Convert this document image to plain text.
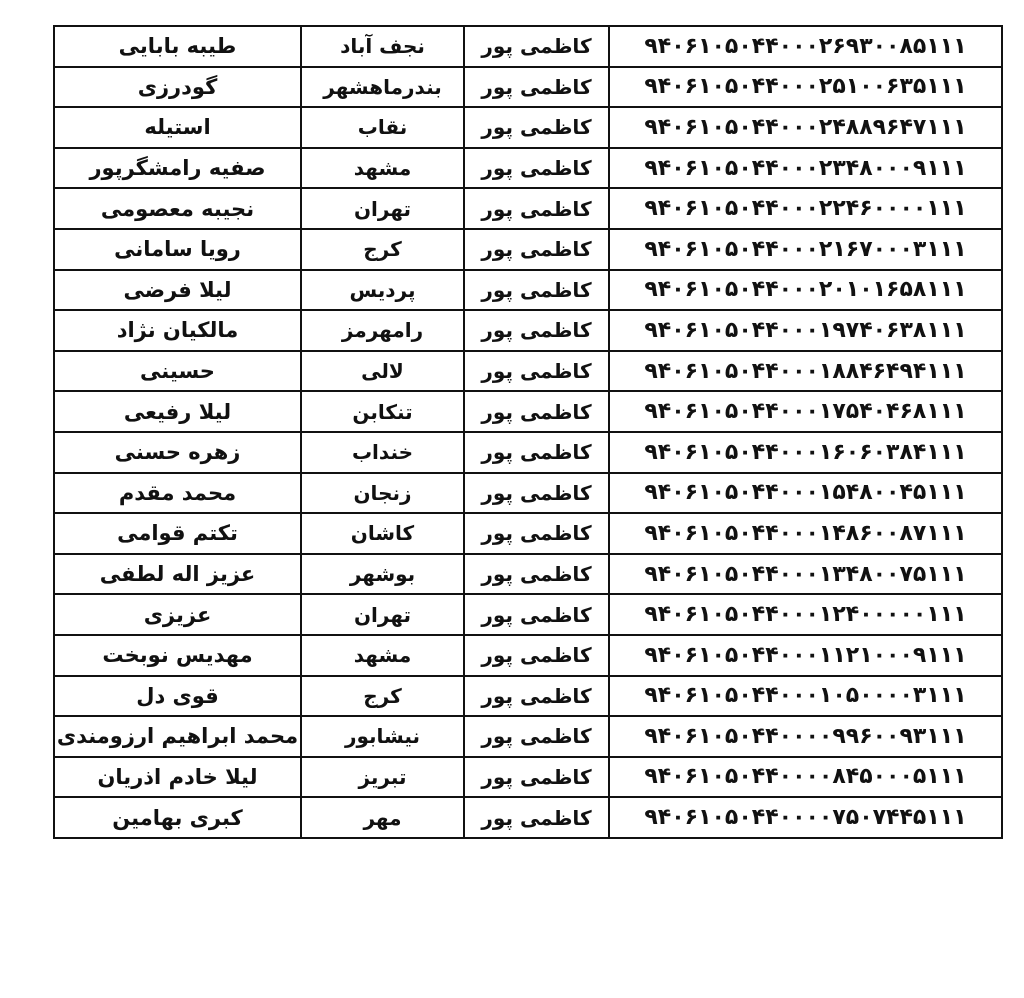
طیبه بابایی	نجف آباد	کاظمی پور	۹۴۰۶۱۰۵۰۴۴۰۰۰۲۶۹۳۰۰۸۵۱۱۱
گودرزی	بندرماهشهر	کاظمی پور	۹۴۰۶۱۰۵۰۴۴۰۰۰۲۵۱۰۰۶۳۵۱۱۱
استیله	نقاب	کاظمی پور	۹۴۰۶۱۰۵۰۴۴۰۰۰۲۴۸۸۹۶۴۷۱۱۱
صفیه رامشگرپور	مشهد	کاظمی پور	۹۴۰۶۱۰۵۰۴۴۰۰۰۲۳۴۸۰۰۰۹۱۱۱
نجیبه معصومی	تهران	کاظمی پور	۹۴۰۶۱۰۵۰۴۴۰۰۰۲۲۴۶۰۰۰۰۱۱۱
رویا سامانی	کرج	کاظمی پور	۹۴۰۶۱۰۵۰۴۴۰۰۰۲۱۶۷۰۰۰۳۱۱۱
لیلا فرضی	پردیس	کاظمی پور	۹۴۰۶۱۰۵۰۴۴۰۰۰۲۰۱۰۱۶۵۸۱۱۱
مالکیان نژاد	رامهرمز	کاظمی پور	۹۴۰۶۱۰۵۰۴۴۰۰۰۱۹۷۴۰۶۳۸۱۱۱
حسینی	لالی	کاظمی پور	۹۴۰۶۱۰۵۰۴۴۰۰۰۱۸۸۴۶۴۹۴۱۱۱
لیلا رفیعی	تنکابن	کاظمی پور	۹۴۰۶۱۰۵۰۴۴۰۰۰۱۷۵۴۰۴۶۸۱۱۱
زهره حسنی	خنداب	کاظمی پور	۹۴۰۶۱۰۵۰۴۴۰۰۰۱۶۰۶۰۳۸۴۱۱۱
محمد مقدم	زنجان	کاظمی پور	۹۴۰۶۱۰۵۰۴۴۰۰۰۱۵۴۸۰۰۴۵۱۱۱
تکتم قوامی	کاشان	کاظمی پور	۹۴۰۶۱۰۵۰۴۴۰۰۰۱۴۸۶۰۰۸۷۱۱۱
عزیز اله لطفی	بوشهر	کاظمی پور	۹۴۰۶۱۰۵۰۴۴۰۰۰۱۳۴۸۰۰۷۵۱۱۱
عزیزی	تهران	کاظمی پور	۹۴۰۶۱۰۵۰۴۴۰۰۰۱۲۴۰۰۰۰۰۱۱۱
مهدیس نوبخت	مشهد	کاظمی پور	۹۴۰۶۱۰۵۰۴۴۰۰۰۱۱۲۱۰۰۰۹۱۱۱
قوی دل	کرج	کاظمی پور	۹۴۰۶۱۰۵۰۴۴۰۰۰۱۰۵۰۰۰۰۳۱۱۱
محمد ابراهیم ارزومندی	نیشابور	کاظمی پور	۹۴۰۶۱۰۵۰۴۴۰۰۰۰۹۹۶۰۰۹۳۱۱۱
لیلا خادم اذریان	تبریز	کاظمی پور	۹۴۰۶۱۰۵۰۴۴۰۰۰۰۸۴۵۰۰۰۵۱۱۱
کبری بهامین	مهر	کاظمی پور	۹۴۰۶۱۰۵۰۴۴۰۰۰۰۷۵۰۷۴۴۵۱۱۱
